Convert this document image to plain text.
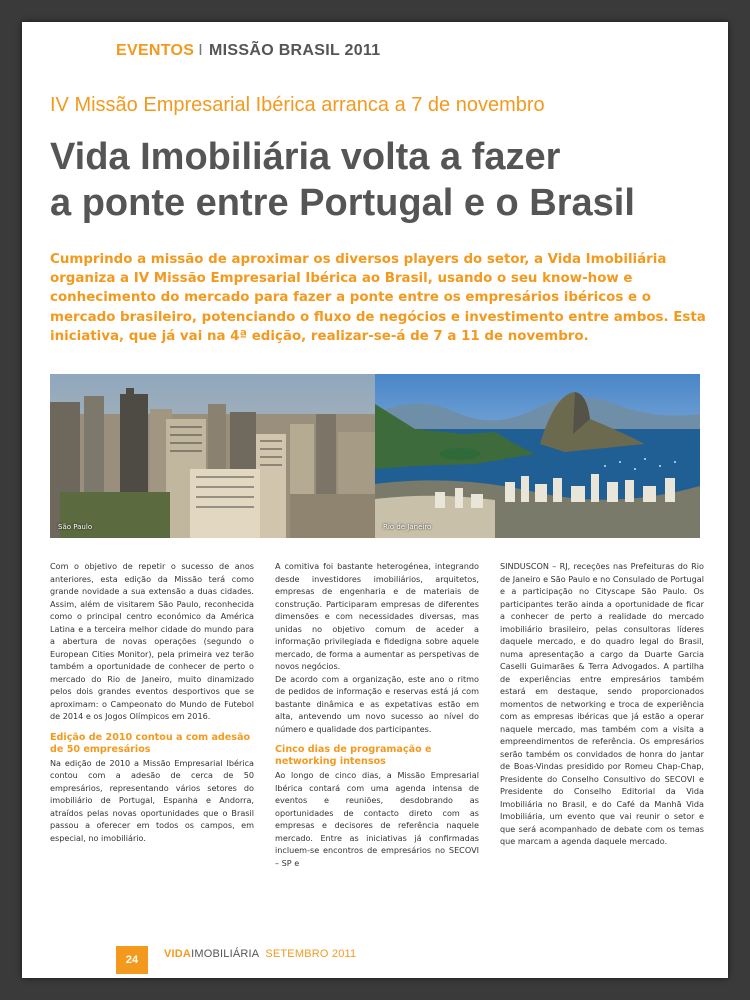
EVENTOS I MISSÃO BRASIL 2011
IV Missão Empresarial Ibérica arranca a 7 de novembro
Vida Imobiliária volta a fazer
a ponte entre Portugal e o Brasil
Cumprindo a missão de aproximar os diversos players do setor, a Vida Imobiliária organiza a IV Missão Empresarial Ibérica ao Brasil, usando o seu know-how e conhecimento do mercado para fazer a ponte entre os empresários ibéricos e o mercado brasileiro, potenciando o fluxo de negócios e investimento entre ambos. Esta iniciativa, que já vai na 4ª edição, realizar-se-á de 7 a 11 de novembro.
São Paulo	Rio de Janeiro

Com o objetivo de repetir o sucesso de anos anteriores, esta edição da Missão terá como grande novidade a sua extensão a duas cidades. Assim, além de visitarem São Paulo, reconhecida como o principal centro económico da América Latina e a terceira melhor cidade do mundo para a abertura de novas operações (segundo o European Cities Monitor), pela primeira vez terão também a oportunidade de conhecer de perto o mercado do Rio de Janeiro, muito dinamizado pelos dois grandes eventos desportivos que se aproximam: o Campeonato do Mundo de Futebol de 2014 e os Jogos Olímpicos em 2016.

Edição de 2010 contou a com adesão de 50 empresários

Na edição de 2010 a Missão Empresarial Ibérica contou com a adesão de cerca de 50 empresários, representando vários setores do imobiliário de Portugal, Espanha e Andorra, atraídos pelas novas oportunidades que o Brasil passou a oferecer em todos os campos, em especial, no imobiliário.

A comitiva foi bastante heterogénea, integrando desde investidores imobiliários, arquitetos, empresas de engenharia e de materiais de construção. Participaram empresas de diferentes dimensões e com necessidades diversas, mas unidas no objetivo comum de aceder a informação privilegiada e fidedigna sobre aquele mercado, de forma a aumentar as perspetivas de novos negócios.

De acordo com a organização, este ano o ritmo de pedidos de informação e reservas está já com bastante dinâmica e as expetativas estão em alta, antevendo um novo sucesso ao nível do número e qualidade dos participantes.

Cinco dias de programação e networking intensos

Ao longo de cinco dias, a Missão Empresarial Ibérica contará com uma agenda intensa de eventos e reuniões, desdobrando as oportunidades de contacto direto com as empresas e decisores de referência naquele mercado. Entre as iniciativas já confirmadas incluem-se encontros de empresários no SECOVI – SP e

SINDUSCON – RJ, receções nas Prefeituras do Rio de Janeiro e São Paulo e no Consulado de Portugal e a participação no Cityscape São Paulo. Os participantes terão ainda a oportunidade de ficar a conhecer de perto a realidade do mercado imobiliário brasileiro, pelas consultoras líderes daquele mercado, e do quadro legal do Brasil, numa apresentação a cargo da Duarte Garcia Caselli Guimarães & Terra Advogados. A partilha de experiências entre empresários também estará em destaque, sendo proporcionados momentos de networking e troca de experiência com as empresas ibéricas que já estão a operar naquele mercado, mas também com a visita a empreendimentos de referência. Os empresários serão também os convidados de honra do jantar de Boas-Vindas presidido por Romeu Chap-Chap, Presidente do Conselho Consultivo do SECOVI e Presidente do Conselho Editorial da Vida Imobiliária no Brasil, e do Café da Manhã Vida Imobiliária, um evento que vai reunir o setor e que será acompanhado de debate com os temas que marcam a agenda daquele mercado.

24	VIDAIMOBILIÁRIA SETEMBRO 2011
